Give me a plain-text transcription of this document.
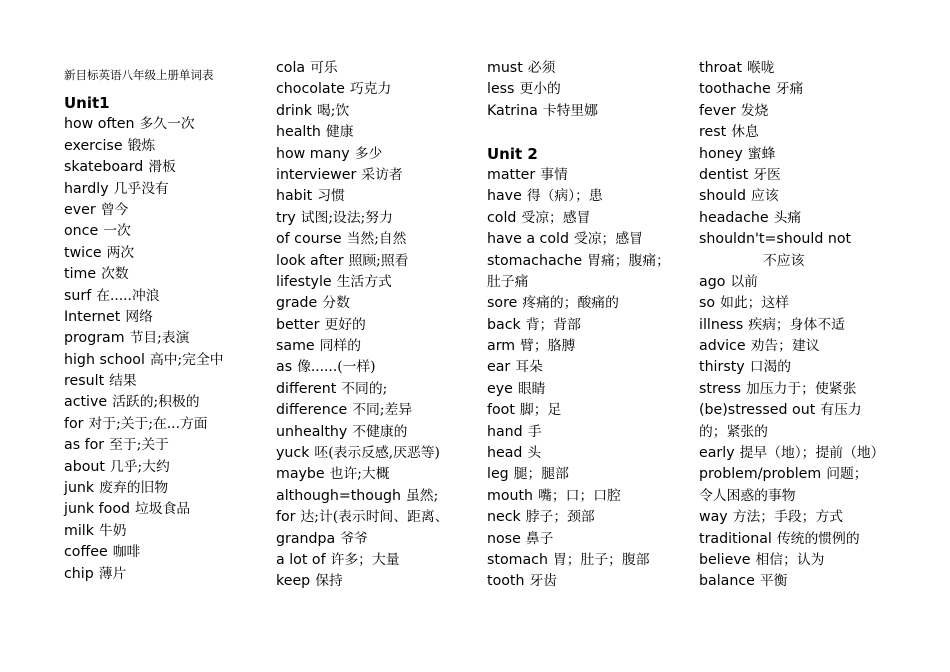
新目标英语八年级上册单词表
Unit1
how often 多久一次
exercise 锻炼
skateboard 滑板
hardly 几乎没有
ever 曾今
once 一次
twice 两次
time 次数
surf 在.....冲浪
Internet 网络
program 节目;表演
high school 高中;完全中
result 结果
active 活跃的;积极的
for 对于;关于;在...方面
as for 至于;关于
about 几乎;大约
junk 废弃的旧物
junk food 垃圾食品
milk 牛奶
coffee 咖啡
chip 薄片
cola 可乐
chocolate 巧克力
drink 喝;饮
health 健康
how many 多少
interviewer 采访者
habit 习惯
try 试图;设法;努力
of course 当然;自然
look after 照顾;照看
lifestyle 生活方式
grade 分数
better 更好的
same 同样的
as 像......(一样)
different 不同的;
difference 不同;差异
unhealthy 不健康的
yuck 呸(表示反感,厌恶等)
maybe 也许;大概
although=though 虽然;
for 达;计(表示时间、距离、
grandpa 爷爷
a lot of 许多；大量
keep 保持
must 必须
less 更小的
Katrina 卡特里娜
Unit 2
matter 事情
have 得（病）；患
cold 受凉；感冒
have a cold 受凉；感冒
stomachache 胃痛；腹痛；
肚子痛
sore 疼痛的；酸痛的
back 背；背部
arm 臂；胳膊
ear 耳朵
eye 眼睛
foot 脚；足
hand 手
head 头
leg 腿；腿部
mouth 嘴；口；口腔
neck 脖子；颈部
nose 鼻子
stomach 胃；肚子；腹部
tooth 牙齿
throat 喉咙
toothache 牙痛
fever 发烧
rest 休息
honey 蜜蜂
dentist 牙医
should 应该
headache 头痛
shouldn't=should not
不应该
ago 以前
so 如此；这样
illness 疾病；身体不适
advice 劝告；建议
thirsty 口渴的
stress 加压力于；使紧张
(be)stressed out 有压力
的；紧张的
early 提早（地）；提前（地）
problem/problem 问题；
令人困惑的事物
way 方法；手段；方式
traditional 传统的惯例的
believe 相信；认为
balance 平衡
